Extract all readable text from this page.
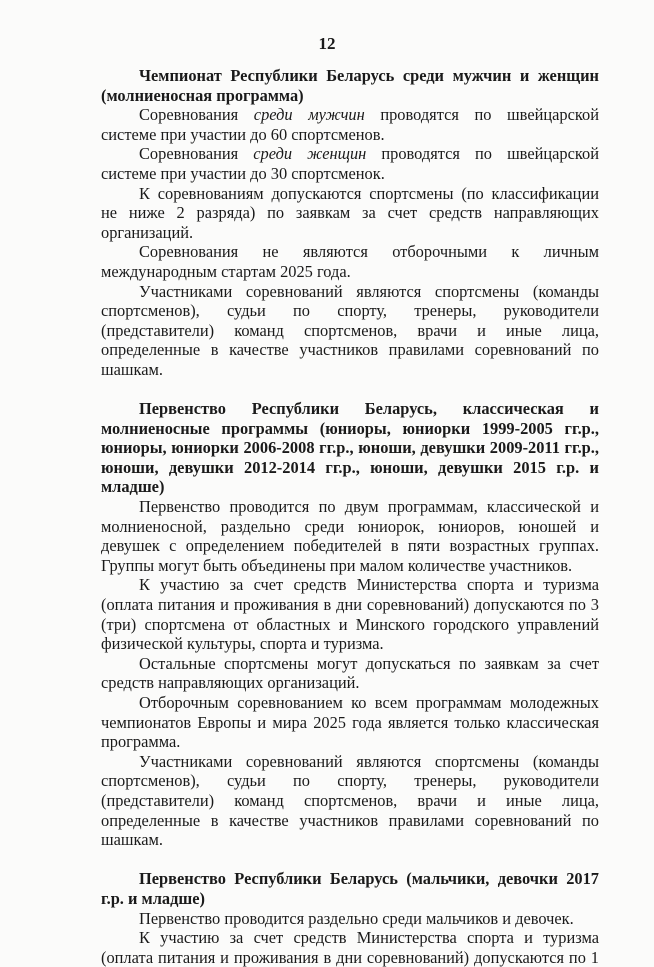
12
Чемпионат Республики Беларусь среди мужчин и женщин
(молниеносная программа)

Соревнования среди мужчин проводятся по швейцарской системе при участии до 60 спортсменов.

Соревнования среди женщин проводятся по швейцарской системе при участии до 30 спортсменок.

К соревнованиям допускаются спортсмены (по классификации не ниже 2 разряда) по заявкам за счет средств направляющих организаций.

Соревнования не являются отборочными к личным международным стартам 2025 года.

Участниками соревнований являются спортсмены (команды спортсменов), судьи по спорту, тренеры, руководители (представители) команд спортсменов, врачи и иные лица, определенные в качестве участников правилами соревнований по шашкам.

Первенство Республики Беларусь, классическая и молниеносные программы (юниоры, юниорки 1999-2005 гг.р., юниоры, юниорки 2006-2008 гг.р., юноши, девушки 2009-2011 гг.р., юноши, девушки 2012-2014 гг.р., юноши, девушки 2015 г.р. и младше)

Первенство проводится по двум программам, классической и молниеносной, раздельно среди юниорок, юниоров, юношей и девушек с определением победителей в пяти возрастных группах. Группы могут быть объединены при малом количестве участников.

К участию за счет средств Министерства спорта и туризма (оплата питания и проживания в дни соревнований) допускаются по 3 (три) спортсмена от областных и Минского городского управлений физической культуры, спорта и туризма.

Остальные спортсмены могут допускаться по заявкам за счет средств направляющих организаций.

Отборочным соревнованием ко всем программам молодежных чемпионатов Европы и мира 2025 года является только классическая программа.

Участниками соревнований являются спортсмены (команды спортсменов), судьи по спорту, тренеры, руководители (представители) команд спортсменов, врачи и иные лица, определенные в качестве участников правилами соревнований по шашкам.

Первенство Республики Беларусь (мальчики, девочки 2017 г.р. и младше)

Первенство проводится раздельно среди мальчиков и девочек.

К участию за счет средств Министерства спорта и туризма
(оплата питания и проживания в дни соревнований) допускаются по 1
